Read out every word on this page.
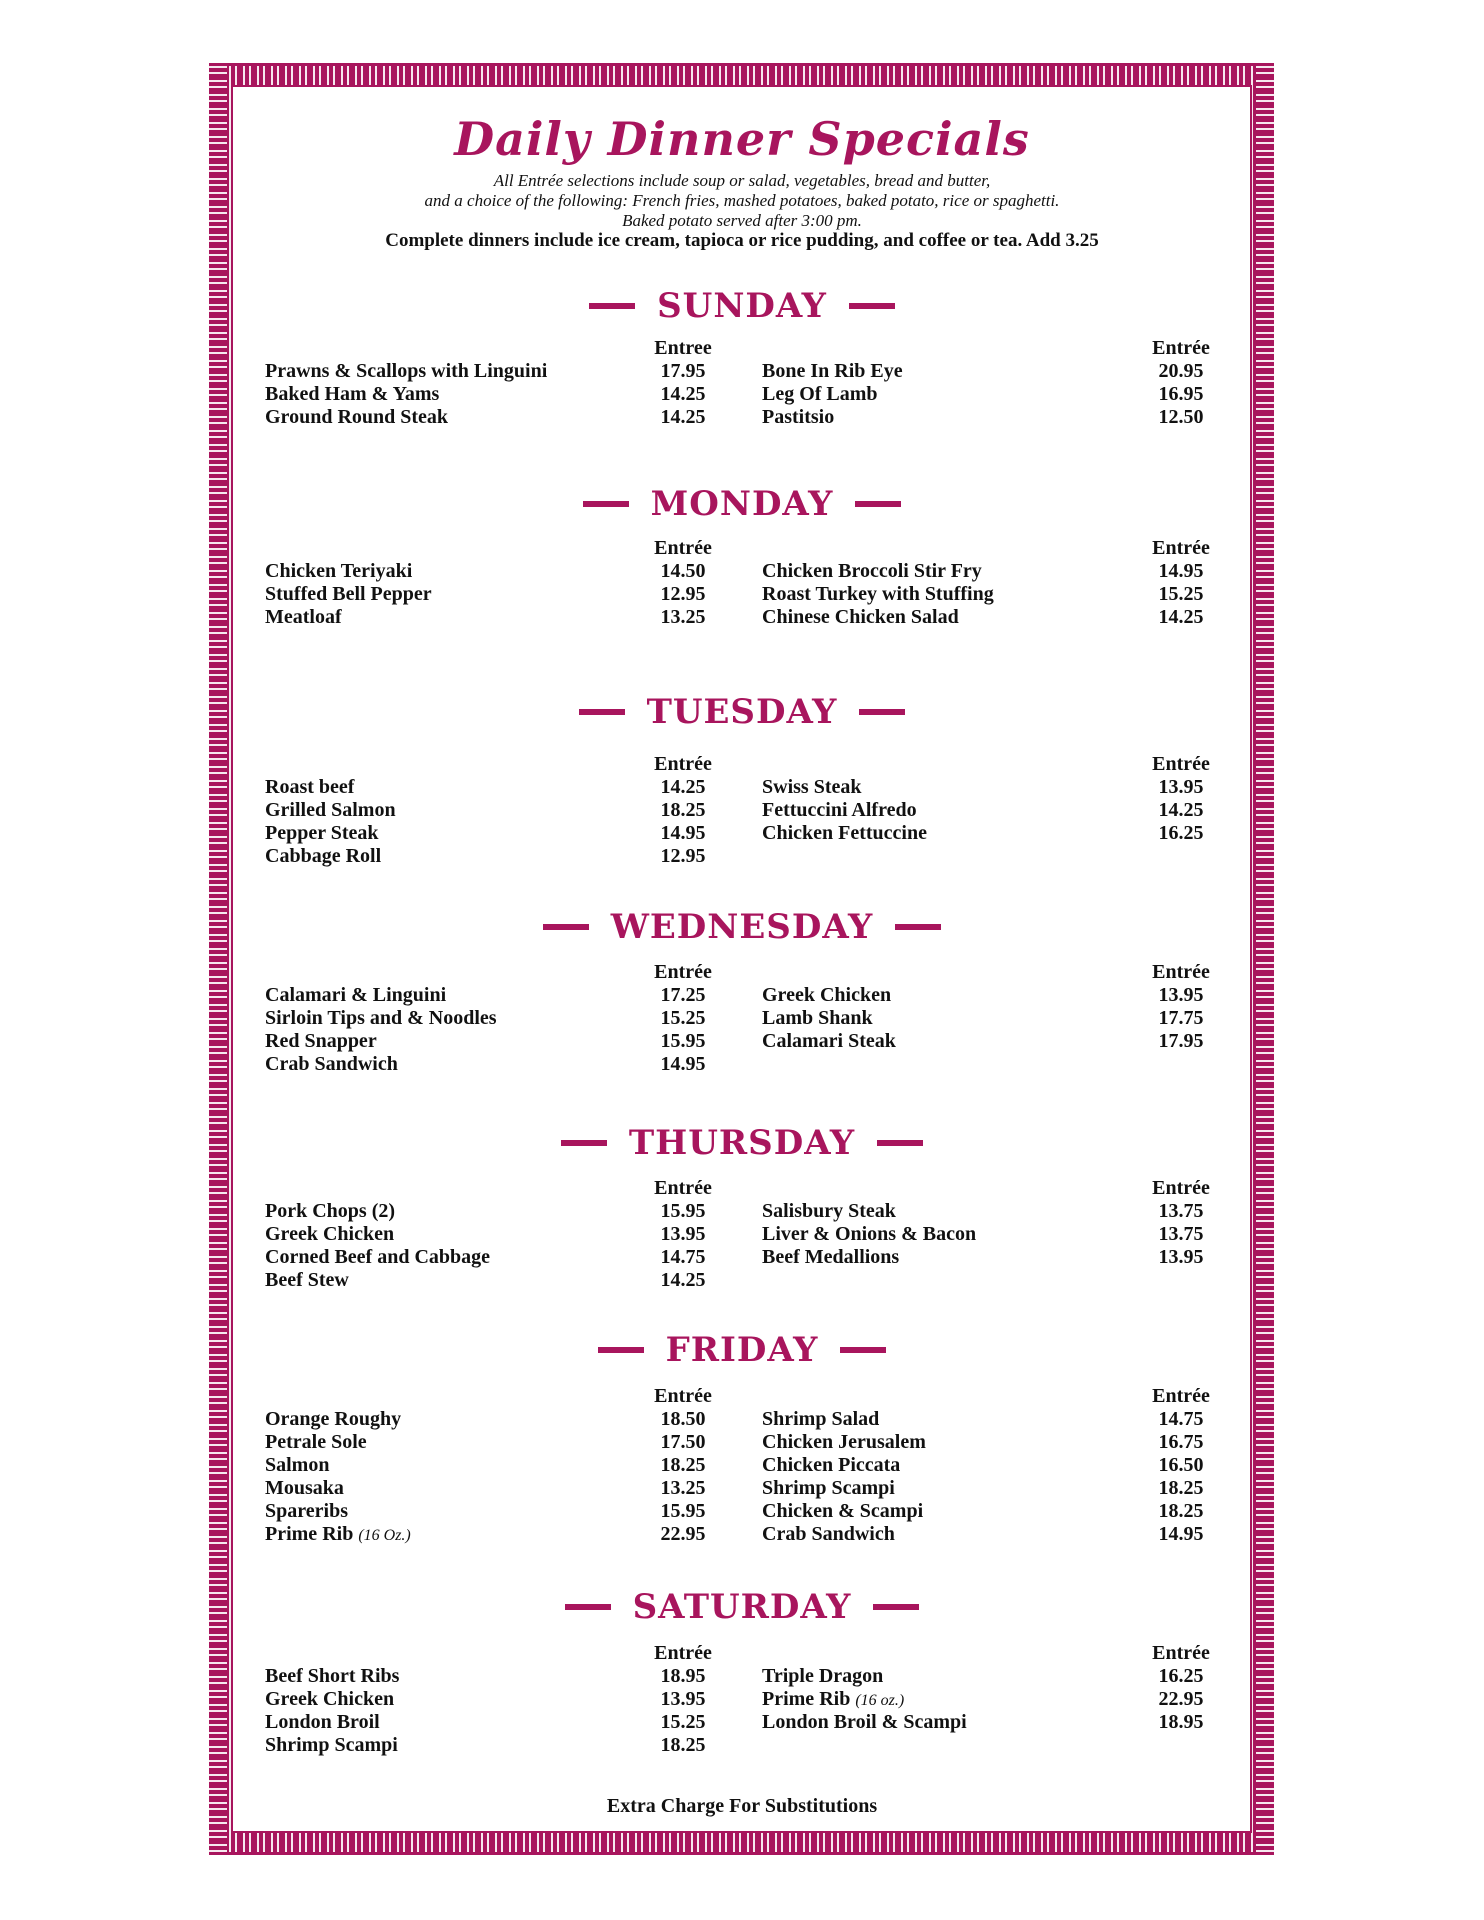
Daily Dinner Specials

All Entrée selections include soup or salad, vegetables, bread and butter,

and a choice of the following: French fries, mashed potatoes, baked potato, rice or spaghetti.

Baked potato served after 3:00 pm.

Complete dinners include ice cream, tapioca or rice pudding, and coffee or tea. Add 3.25

SUNDAY
Prawns & Scallops with Linguini
Baked Ham & Yams
Ground Round Steak
Entree
17.95
14.25
14.25
Bone In Rib Eye
Leg Of Lamb
Pastitsio
Entrée
20.95
16.95
12.50
MONDAY
Chicken Teriyaki
Stuffed Bell Pepper
Meatloaf
Entrée
14.50
12.95
13.25
Chicken Broccoli Stir Fry
Roast Turkey with Stuffing
Chinese Chicken Salad
Entrée
14.95
15.25
14.25
TUESDAY
Roast beef
Grilled Salmon
Pepper Steak
Cabbage Roll
Entrée
14.25
18.25
14.95
12.95
Swiss Steak
Fettuccini Alfredo
Chicken Fettuccine
Entrée
13.95
14.25
16.25
WEDNESDAY
Calamari & Linguini
Sirloin Tips and & Noodles
Red Snapper
Crab Sandwich
Entrée
17.25
15.25
15.95
14.95
Greek Chicken
Lamb Shank
Calamari Steak
Entrée
13.95
17.75
17.95
THURSDAY
Pork Chops (2)
Greek Chicken
Corned Beef and Cabbage
Beef Stew
Entrée
15.95
13.95
14.75
14.25
Salisbury Steak
Liver & Onions & Bacon
Beef Medallions
Entrée
13.75
13.75
13.95
FRIDAY
Orange Roughy
Petrale Sole
Salmon
Mousaka
Spareribs
Prime Rib (16 Oz.)
Entrée
18.50
17.50
18.25
13.25
15.95
22.95
Shrimp Salad
Chicken Jerusalem
Chicken Piccata
Shrimp Scampi
Chicken & Scampi
Crab Sandwich
Entrée
14.75
16.75
16.50
18.25
18.25
14.95
SATURDAY
Beef Short Ribs
Greek Chicken
London Broil
Shrimp Scampi
Entrée
18.95
13.95
15.25
18.25
Triple Dragon
Prime Rib (16 oz.)
London Broil & Scampi
Entrée
16.25
22.95
18.95

Extra Charge For Substitutions
